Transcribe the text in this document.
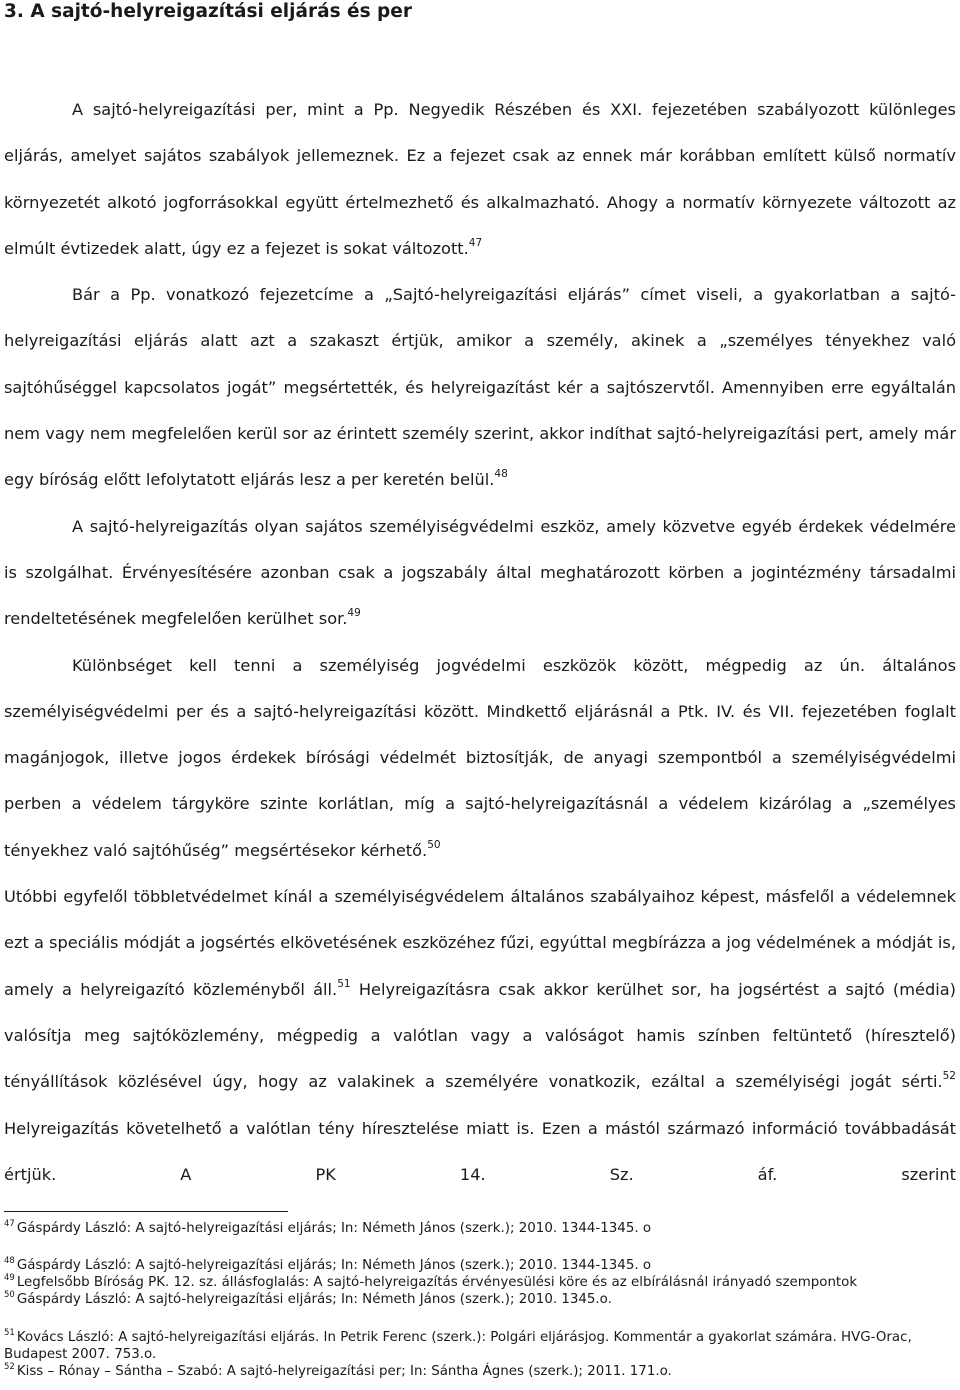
3. A sajtó-helyreigazítási eljárás és per

A sajtó-helyreigazítási per, mint a Pp. Negyedik Részében és XXI. fejezetében szabályozott különleges eljárás, amelyet sajátos szabályok jellemeznek. Ez a fejezet csak az ennek már korábban említett külső normatív környezetét alkotó jogforrásokkal együtt értelmezhető és alkalmazható. Ahogy a normatív környezete változott az elmúlt évtizedek alatt, úgy ez a fejezet is sokat változott.$^{47}$

Bár a Pp. vonatkozó fejezetcíme a „Sajtó-helyreigazítási eljárás” címet viseli, a gyakorlatban a sajtó-helyreigazítási eljárás alatt azt a szakaszt értjük, amikor a személy, akinek a „személyes tényekhez való sajtóhűséggel kapcsolatos jogát” megsértették, és helyreigazítást kér a sajtószervtől. Amennyiben erre egyáltalán nem vagy nem megfelelően kerül sor az érintett személy szerint, akkor indíthat sajtó-helyreigazítási pert, amely már egy bíróság előtt lefolytatott eljárás lesz a per keretén belül.$^{48}$

A sajtó-helyreigazítás olyan sajátos személyiségvédelmi eszköz, amely közvetve egyéb érdekek védelmére is szolgálhat. Érvényesítésére azonban csak a jogszabály által meghatározott körben a jogintézmény társadalmi rendeltetésének megfelelően kerülhet sor.$^{49}$

Különbséget kell tenni a személyiség jogvédelmi eszközök között, mégpedig az ún. általános személyiségvédelmi per és a sajtó-helyreigazítási között. Mindkettő eljárásnál a Ptk. IV. és VII. fejezetében foglalt magánjogok, illetve jogos érdekek bírósági védelmét biztosítják, de anyagi szempontból a személyiségvédelmi perben a védelem tárgyköre szinte korlátlan, míg a sajtó-helyreigazításnál a védelem kizárólag a „személyes tényekhez való sajtóhűség” megsértésekor kérhető.$^{50}$

Utóbbi egyfelől többletvédelmet kínál a személyiségvédelem általános szabályaihoz képest, másfelől a védelemnek ezt a speciális módját a jogsértés elkövetésének eszközéhez fűzi, egyúttal megbírázza a jog védelmének a módját is, amely a helyreigazító közleményből áll.$^{51}$ Helyreigazításra csak akkor kerülhet sor, ha jogsértést a sajtó (média) valósítja meg sajtóközlemény, mégpedig a valótlan vagy a valóságot hamis színben feltüntető (híresztelő) tényállítások közlésével úgy, hogy az valakinek a személyére vonatkozik, ezáltal a személyiségi jogát sérti.$^{52}$ Helyreigazítás követelhető a valótlan tény híresztelése miatt is. Ezen a mástól származó információ továbbadását értjük. A PK 14. Sz. áf. szerint

$^{47}$ Gáspárdy László: A sajtó-helyreigazítási eljárás; In: Németh János (szerk.); 2010. 1344-1345. o

$^{48}$ Gáspárdy László: A sajtó-helyreigazítási eljárás; In: Németh János (szerk.); 2010. 1344-1345. o

$^{49}$ Legfelsőbb Bíróság PK. 12. sz. állásfoglalás: A sajtó-helyreigazítás érvényesülési köre és az elbírálásnál irányadó szempontok

$^{50}$ Gáspárdy László: A sajtó-helyreigazítási eljárás; In: Németh János (szerk.); 2010. 1345.o.

$^{51}$ Kovács László: A sajtó-helyreigazítási eljárás. In Petrik Ferenc (szerk.): Polgári eljárásjog. Kommentár a gyakorlat számára. HVG-Orac, Budapest 2007. 753.o.

$^{52}$ Kiss – Rónay – Sántha – Szabó: A sajtó-helyreigazítási per; In: Sántha Ágnes (szerk.); 2011. 171.o.
